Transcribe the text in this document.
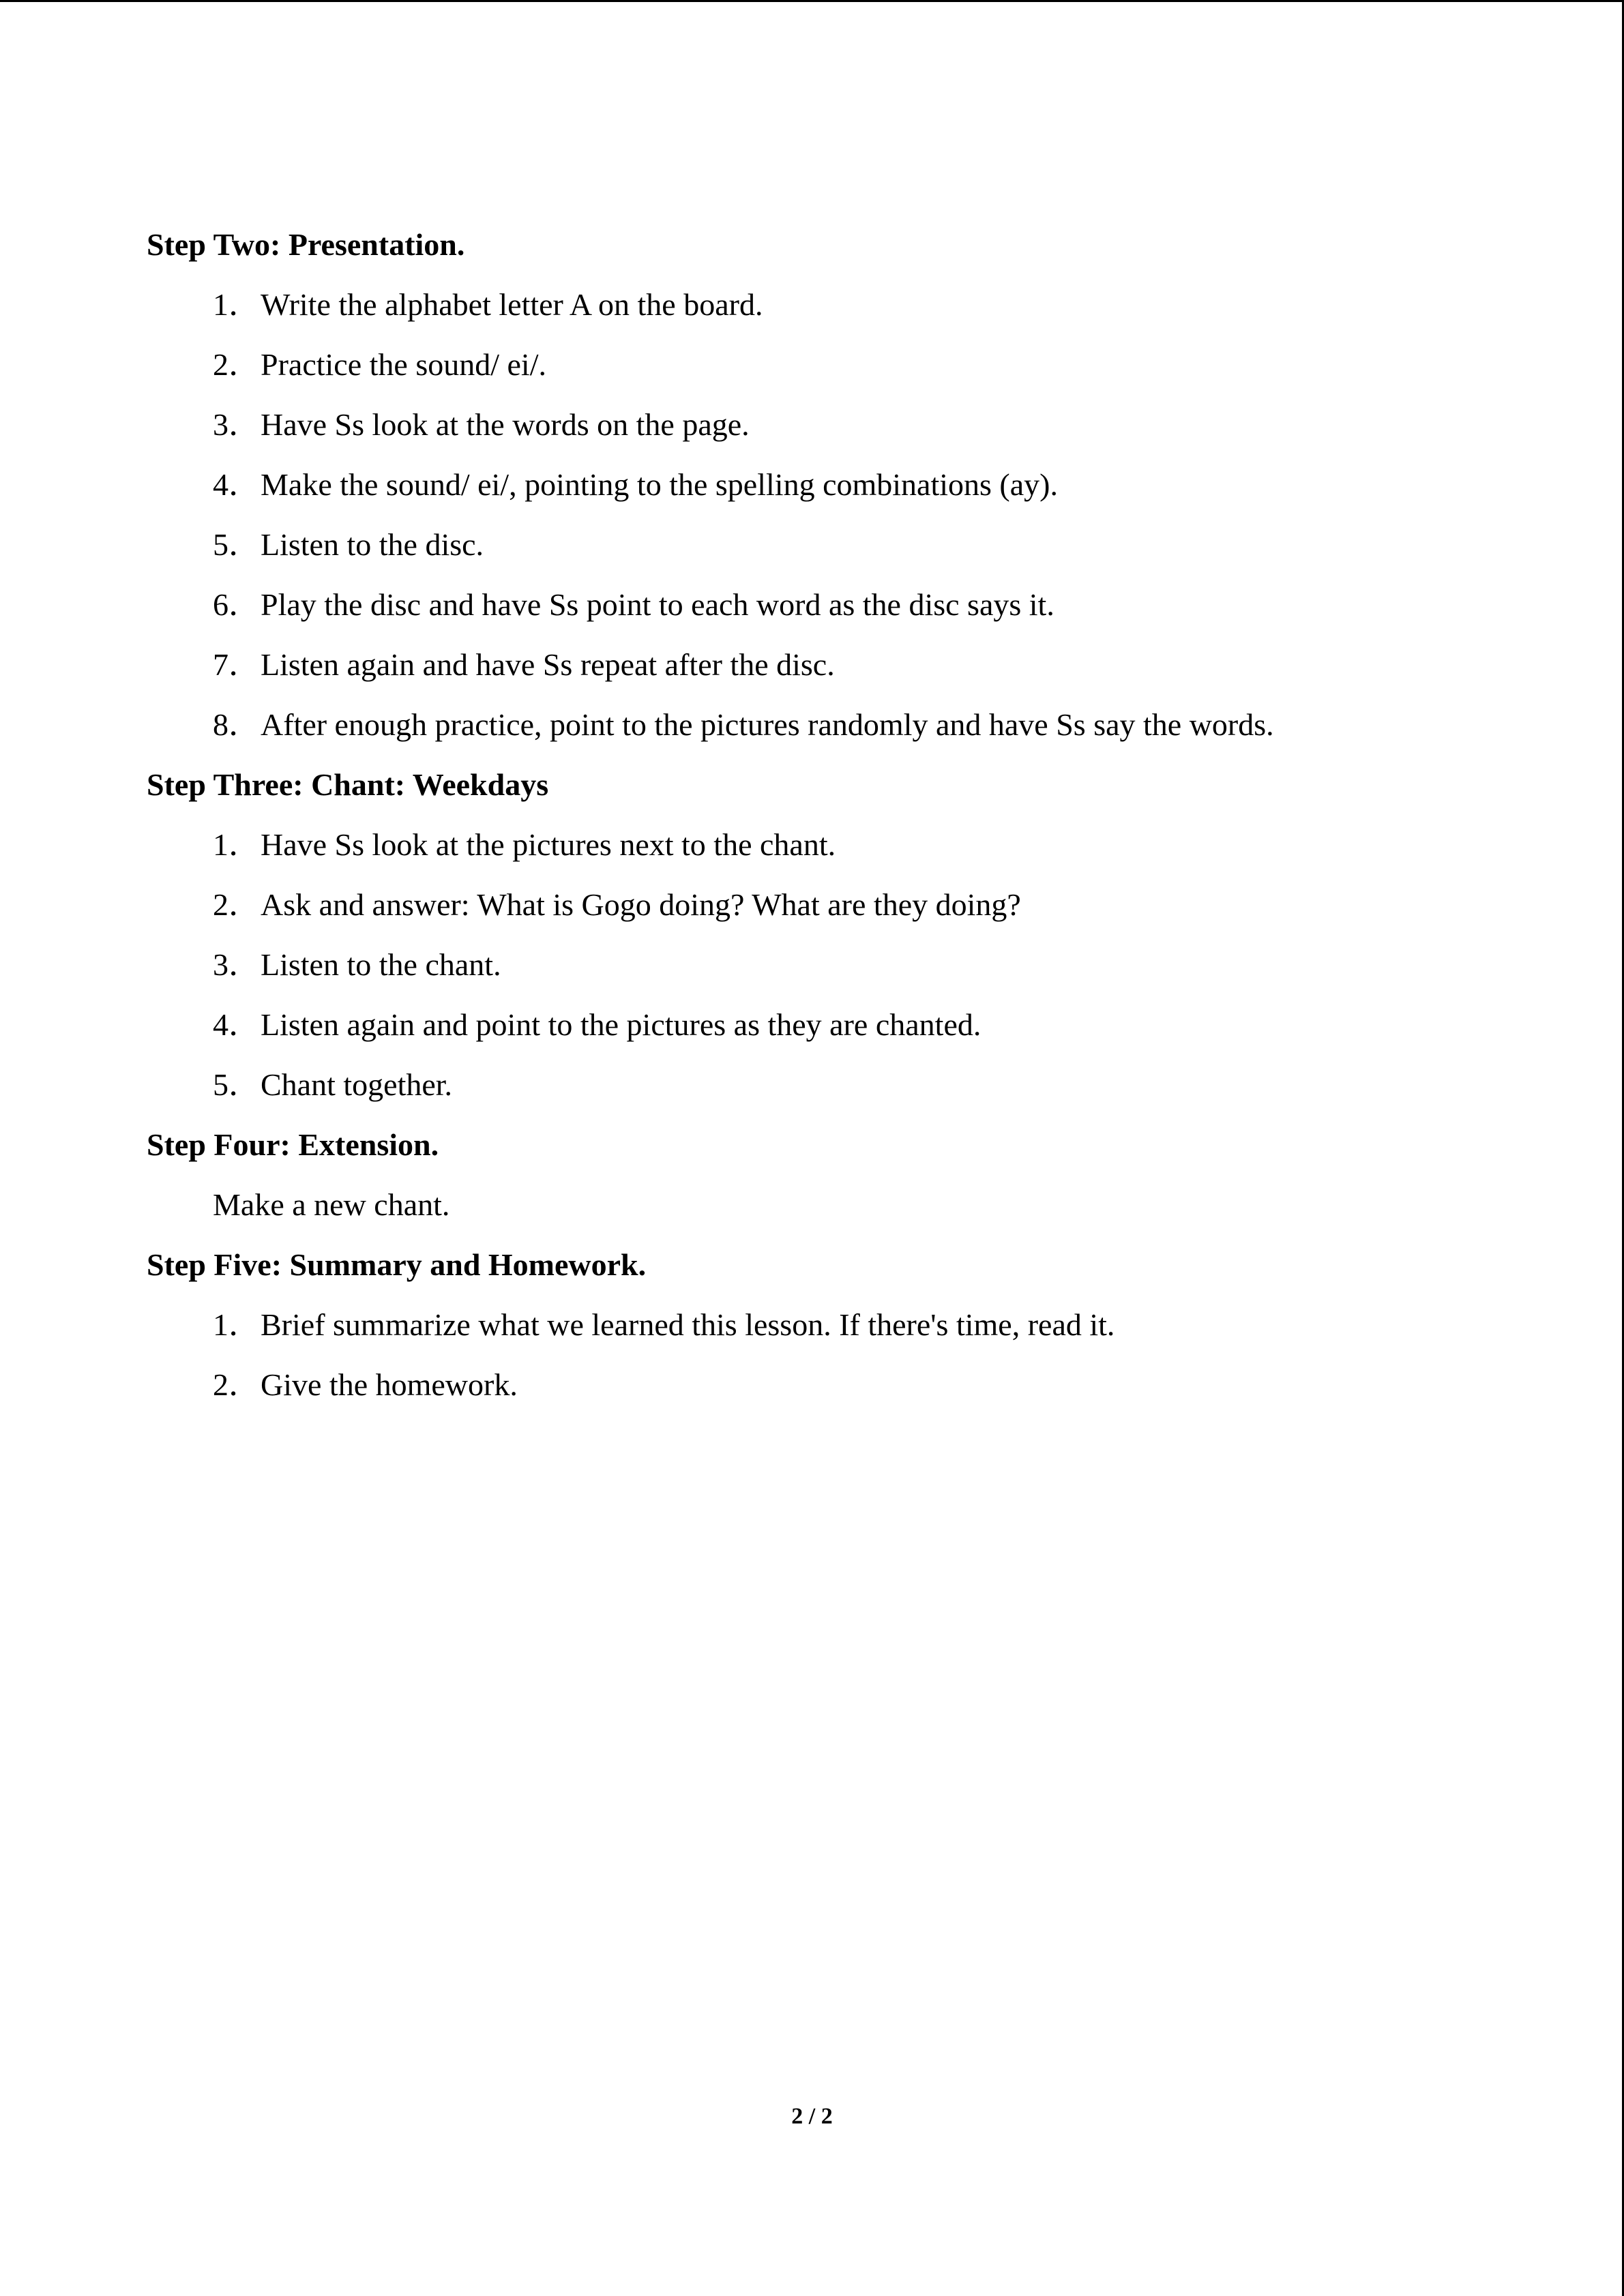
Step Two: Presentation.
1．Write the alphabet letter A on the board.
2．Practice the sound/ ei/.
3．Have Ss look at the words on the page.
4．Make the sound/ ei/, pointing to the spelling combinations (ay).
5．Listen to the disc.
6．Play the disc and have Ss point to each word as the disc says it.
7．Listen again and have Ss repeat after the disc.
8．After enough practice, point to the pictures randomly and have Ss say the words.
Step Three: Chant: Weekdays
1．Have Ss look at the pictures next to the chant.
2．Ask and answer: What is Gogo doing? What are they doing?
3．Listen to the chant.
4．Listen again and point to the pictures as they are chanted.
5．Chant together.
Step Four: Extension.
Make a new chant.
Step Five: Summary and Homework.
1．Brief summarize what we learned this lesson. If there's time, read it.
2．Give the homework.
2 / 2
